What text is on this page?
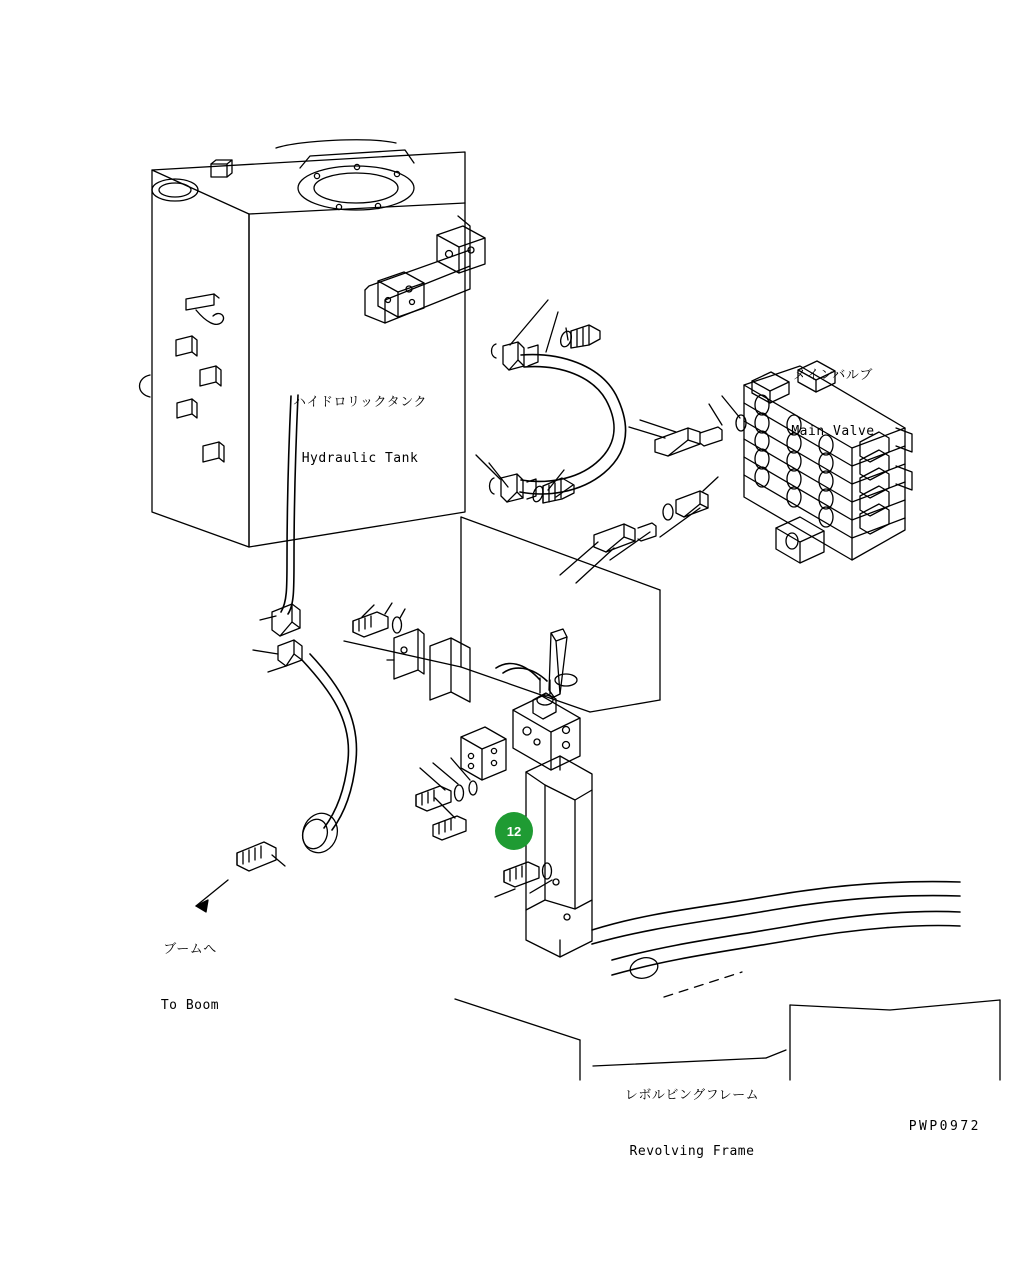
ハイドロリックタンク

Hydraulic Tank

メインバルブ

Main Valve

ブームへ

To Boom

レボルビングフレーム

Revolving Frame

12
PWP0972
